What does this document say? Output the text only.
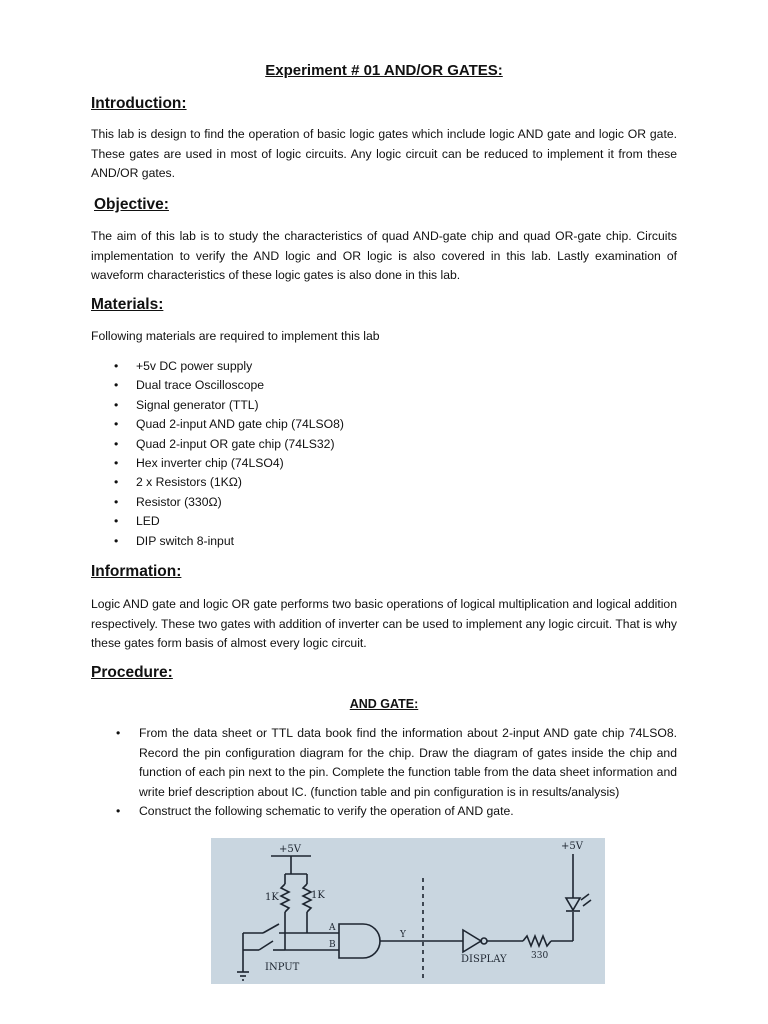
Experiment # 01 AND/OR GATES:
Introduction:

This lab is design to find the operation of basic logic gates which include logic AND gate and logic OR gate. These gates are used in most of logic circuits. Any logic circuit can be reduced to implement it from these AND/OR gates.

Objective:

The aim of this lab is to study the characteristics of quad AND-gate chip and quad OR-gate chip. Circuits implementation to verify the AND logic and OR logic is also covered in this lab. Lastly examination of waveform characteristics of these logic gates is also done in this lab.

Materials:

Following materials are required to implement this lab

• +5v DC power supply
• Dual trace Oscilloscope
• Signal generator (TTL)
• Quad 2-input AND gate chip (74LSO8)
• Quad 2-input OR gate chip (74LS32)
• Hex inverter chip (74LSO4)
• 2 x Resistors (1KΩ)
• Resistor (330Ω)
• LED
• DIP switch 8-input
Information:

Logic AND gate and logic OR gate performs two basic operations of logical multiplication and logical addition respectively. These two gates with addition of inverter can be used to implement any logic circuit. That is why these gates form basis of almost every logic circuit.

Procedure:
AND GATE:
• From the data sheet or TTL data book find the information about 2-input AND gate chip 74LSO8. Record the pin configuration diagram for the chip. Draw the diagram of gates inside the chip and function of each pin next to the pin. Complete the function table from the data sheet information and write brief description about IC. (function table and pin configuration is in results/analysis)
• Construct the following schematic to verify the operation of AND gate.
+5V	+5V
1K	1K
A
B
Y
330
INPUT
DISPLAY
